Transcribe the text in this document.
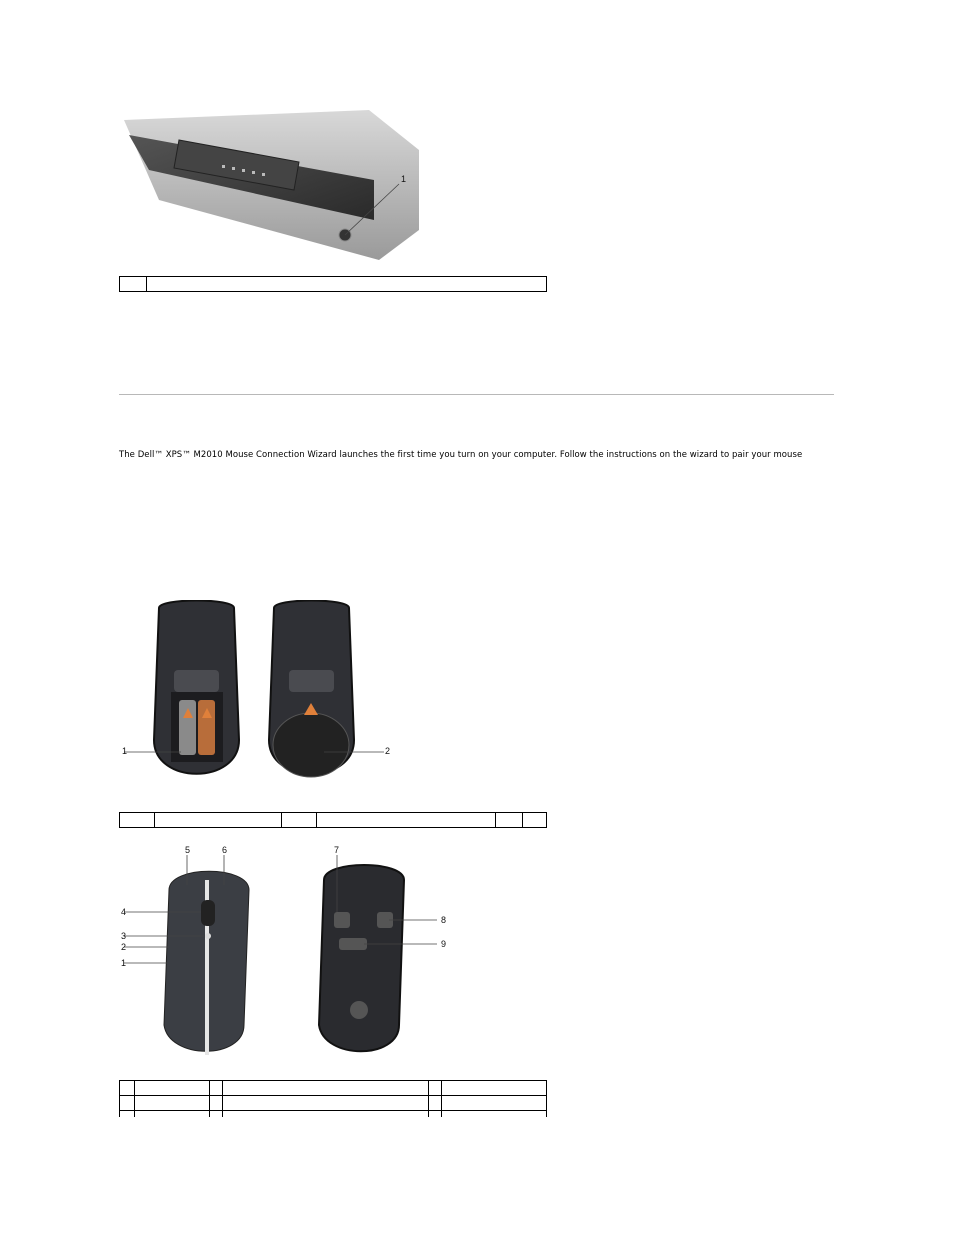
1

The Dell™ XPS™ M2010 Mouse Connection Wizard launches the first time you turn on your computer. Follow the instructions on the wizard to pair your mouse
1	2

5	6
4
3
2
1
7
8
9
